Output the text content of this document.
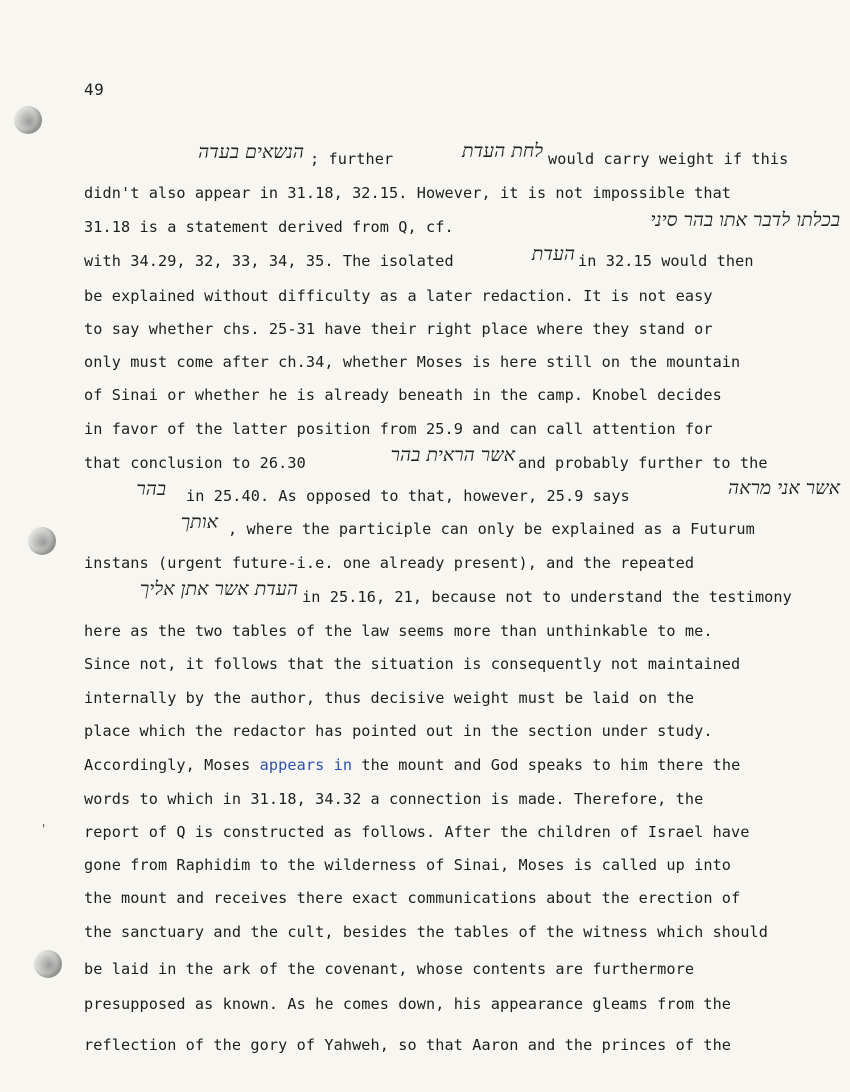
'
49
הנשאים בעדה ; further	לחת העדת would carry weight if this
didn't also appear in 31.18, 32.15. However, it is not impossible that
31.18 is a statement derived from Q, cf.	בכלתו לדבר אתו בהר סיני
with 34.29, 32, 33, 34, 35. The isolated	העדת in 32.15 would then
be explained without difficulty as a later redaction. It is not easy
to say whether chs. 25-31 have their right place where they stand or
only must come after ch.34, whether Moses is here still on the mountain
of Sinai or whether he is already beneath in the camp. Knobel decides
in favor of the latter position from 25.9 and can call attention for
that conclusion to 26.30	אשר הראית בהר and probably further to the
בהר in 25.40. As opposed to that, however, 25.9 says	אשר אני מראה
אותך , where the participle can only be explained as a Futurum
instans (urgent future-i.e. one already present), and the repeated
העדת אשר אתן אליך in 25.16, 21, because not to understand the testimony
here as the two tables of the law seems more than unthinkable to me.
Since not, it follows that the situation is consequently not maintained
internally by the author, thus decisive weight must be laid on the
place which the redactor has pointed out in the section under study.
Accordingly, Moses appears in the mount and God speaks to him there the
words to which in 31.18, 34.32 a connection is made. Therefore, the
report of Q is constructed as follows. After the children of Israel have
gone from Raphidim to the wilderness of Sinai, Moses is called up into
the mount and receives there exact communications about the erection of
the sanctuary and the cult, besides the tables of the witness which should
be laid in the ark of the covenant, whose contents are furthermore
presupposed as known. As he comes down, his appearance gleams from the
reflection of the gory of Yahweh, so that Aaron and the princes of the
